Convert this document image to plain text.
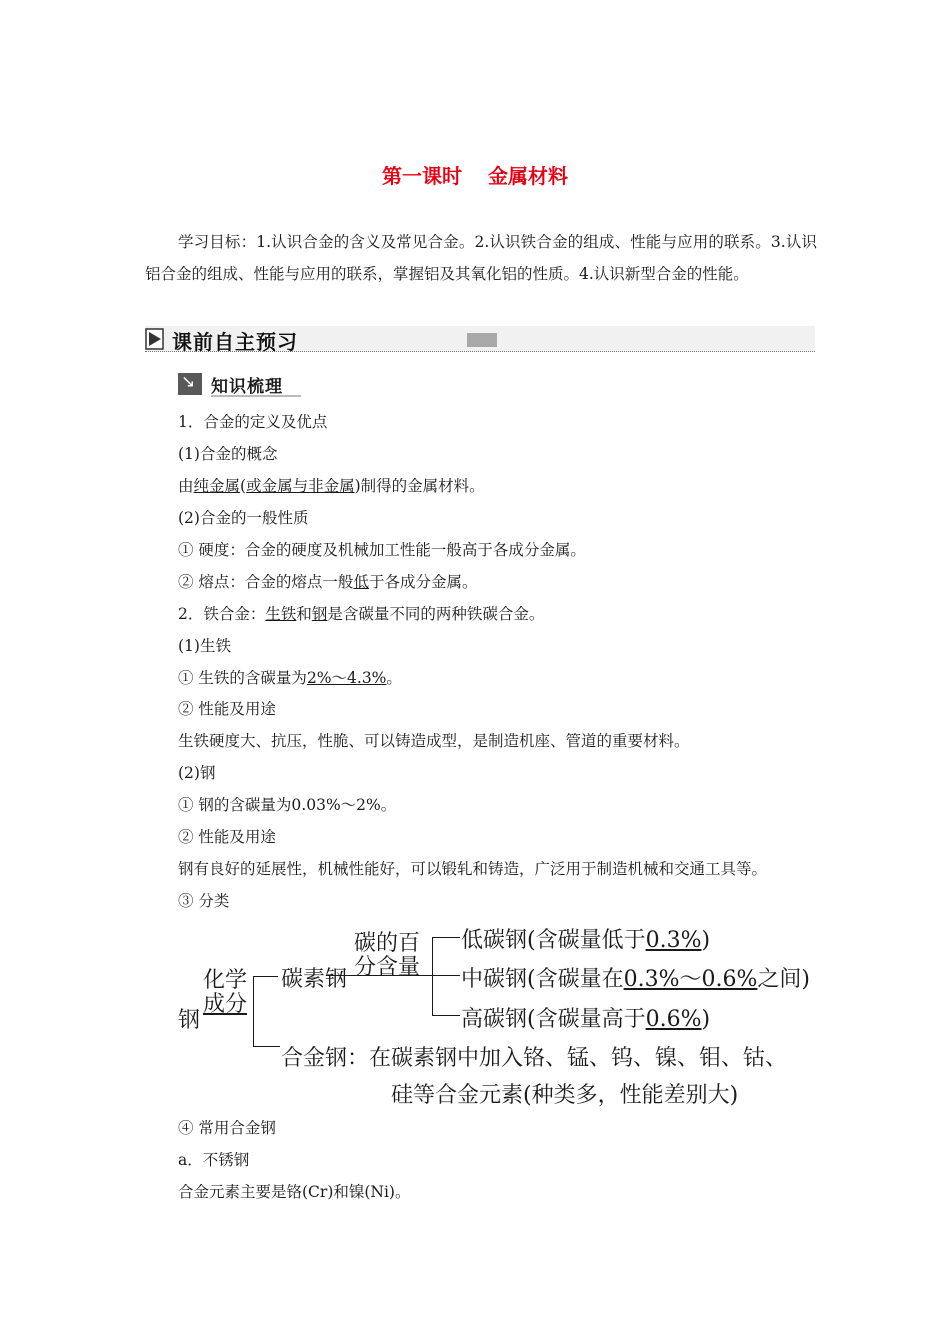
第一课时 金属材料
学习目标：1.认识合金的含义及常见合金。2.认识铁合金的组成、性能与应用的联系。3.认识铝合金的组成、性能与应用的联系，掌握铝及其氧化铝的性质。4.认识新型合金的性能。
课前自主预习
↘ 知识梳理
1．合金的定义及优点
(1)合金的概念
由纯金属(或金属与非金属)制得的金属材料。
(2)合金的一般性质
① 硬度：合金的硬度及机械加工性能一般高于各成分金属。
② 熔点：合金的熔点一般低于各成分金属。
2．铁合金：生铁和钢是含碳量不同的两种铁碳合金。
(1)生铁
① 生铁的含碳量为2%～4.3%。
② 性能及用途
生铁硬度大、抗压，性脆、可以铸造成型，是制造机座、管道的重要材料。
(2)钢
① 钢的含碳量为0.03%～2%。
② 性能及用途
钢有良好的延展性，机械性能好，可以锻轧和铸造，广泛用于制造机械和交通工具等。
③ 分类
钢
化学
成分
碳素钢
碳的百
分含量
低碳钢(含碳量低于0.3%)
中碳钢(含碳量在0.3%～0.6%之间)
高碳钢(含碳量高于0.6%)
合金钢：在碳素钢中加入铬、锰、钨、镍、钼、钴、
硅等合金元素(种类多，性能差别大)
④ 常用合金钢
a．不锈钢
合金元素主要是铬(Cr)和镍(Ni)。
